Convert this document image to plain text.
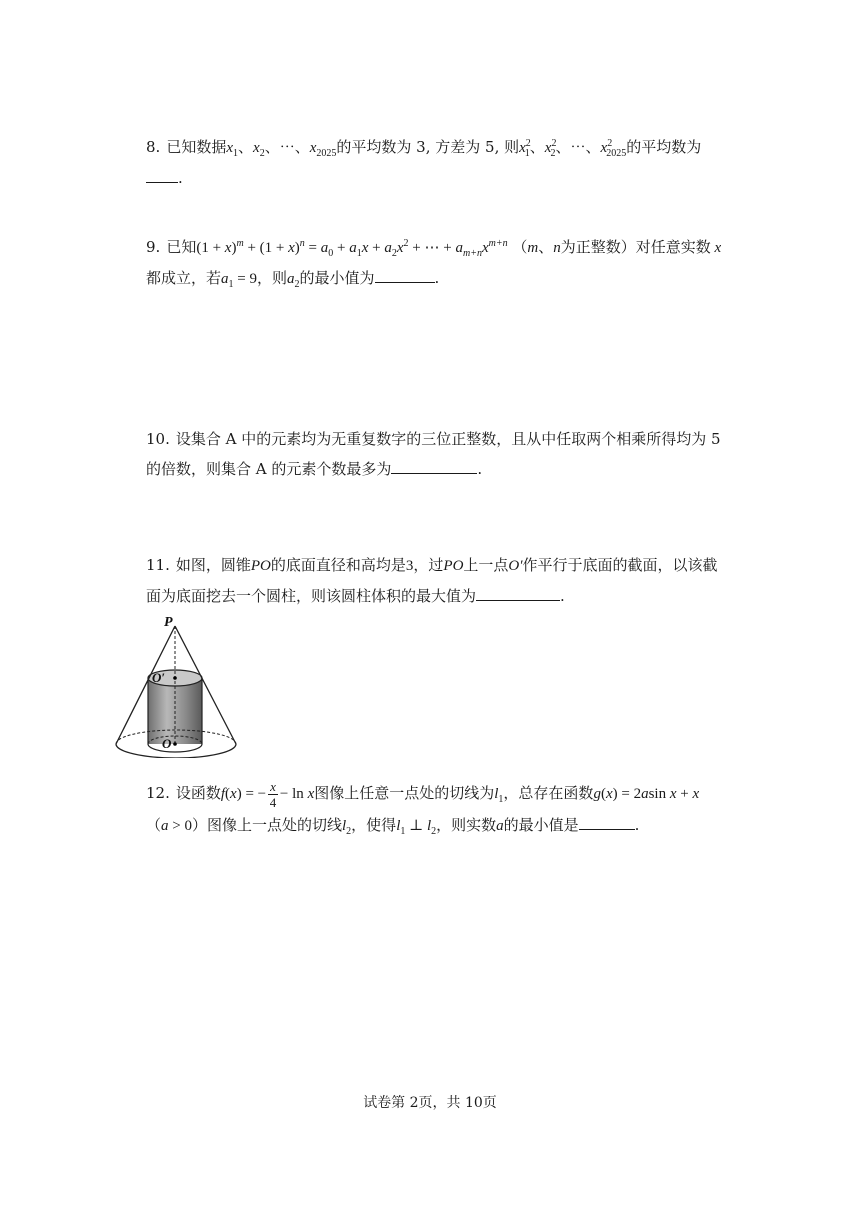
8. 已知数据$x_1$、$x_2$、⋯、$x_{2025}$的平均数为 3, 方差为 5, 则$x^2_1$、$x^2_2$、⋯、$x^2_{2025}$的平均数为.
9. 已知$(1 + x)^m + (1 + x)^n = a_0 + a_1x + a_2x^2$ + ⋯ + $a_{m+n}x^{m+n}$ （m、n为正整数）对任意实数 x
都成立，若$a_1 = 9$，则$a_2$的最小值为	.
10. 设集合 A 中的元素均为无重复数字的三位正整数，且从中任取两个相乘所得均为 5 的倍数，则集合 A 的元素个数最多为	.
11. 如图，圆锥PO的底面直径和高均是3，过PO上一点O′作平行于底面的截面，以该截面为底面挖去一个圆柱，则该圆柱体积的最大值为	.
P
O′
O
12. 设函数f(x) = − $\frac{x}{4} - \ln x$图像上任意一点处的切线为$l_1$，总存在函数g(x) = 2asin x + x
（a > 0）图像上一点处的切线$l_2$，使得$l_1$ ⊥ $l_2$，则实数a的最小值是	.
试卷第 2页，共 10页
